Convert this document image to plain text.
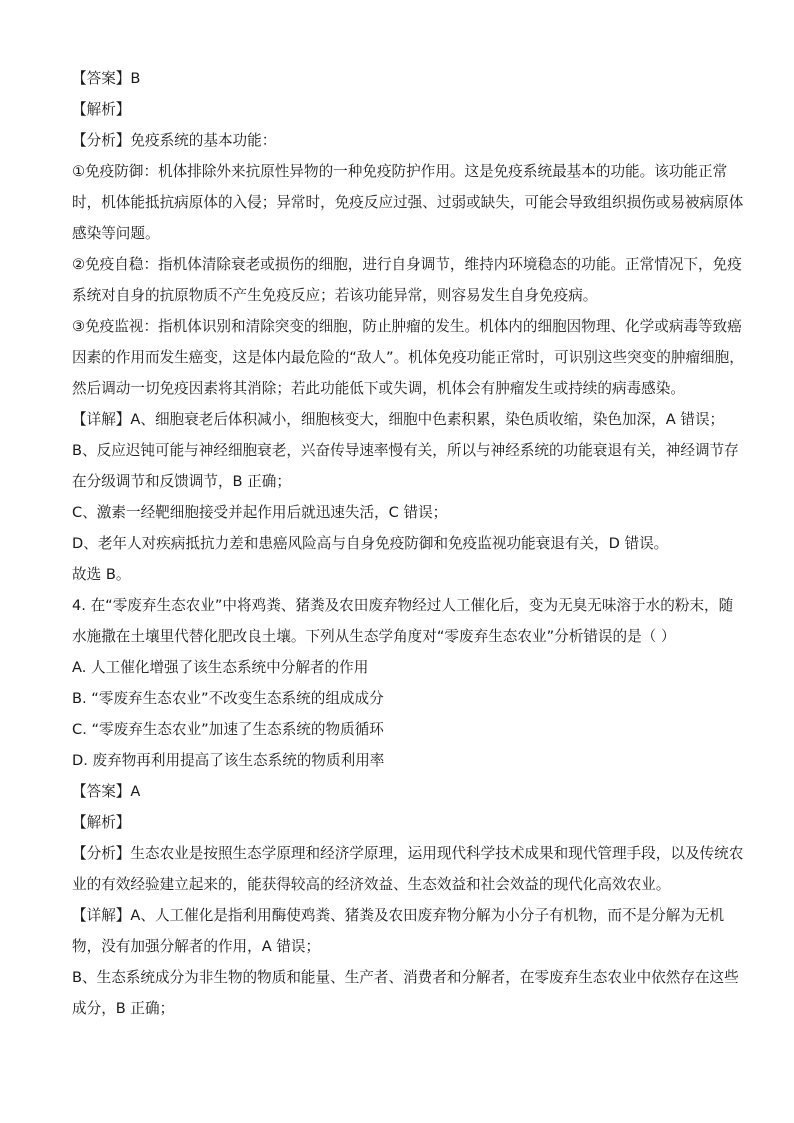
【答案】B

【解析】

【分析】免疫系统的基本功能：

①免疫防御：机体排除外来抗原性异物的一种免疫防护作用。这是免疫系统最基本的功能。该功能正常

时，机体能抵抗病原体的入侵；异常时，免疫反应过强、过弱或缺失，可能会导致组织损伤或易被病原体

感染等问题。

②免疫自稳：指机体清除衰老或损伤的细胞，进行自身调节，维持内环境稳态的功能。正常情况下，免疫

系统对自身的抗原物质不产生免疫反应；若该功能异常，则容易发生自身免疫病。

③免疫监视：指机体识别和清除突变的细胞，防止肿瘤的发生。机体内的细胞因物理、化学或病毒等致癌

因素的作用而发生癌变，这是体内最危险的“敌人”。机体免疫功能正常时，可识别这些突变的肿瘤细胞，

然后调动一切免疫因素将其消除；若此功能低下或失调，机体会有肿瘤发生或持续的病毒感染。

【详解】A、细胞衰老后体积减小，细胞核变大，细胞中色素积累，染色质收缩，染色加深，A 错误；

B、反应迟钝可能与神经细胞衰老，兴奋传导速率慢有关，所以与神经系统的功能衰退有关，神经调节存

在分级调节和反馈调节，B 正确；

C、激素一经靶细胞接受并起作用后就迅速失活，C 错误；

D、老年人对疾病抵抗力差和患癌风险高与自身免疫防御和免疫监视功能衰退有关，D 错误。

故选 B。

4. 在“零废弃生态农业”中将鸡粪、猪粪及农田废弃物经过人工催化后，变为无臭无味溶于水的粉末，随

水施撒在土壤里代替化肥改良土壤。下列从生态学角度对“零废弃生态农业”分析错误的是（ ）

A. 人工催化增强了该生态系统中分解者的作用

B. “零废弃生态农业”不改变生态系统的组成成分

C. “零废弃生态农业”加速了生态系统的物质循环

D. 废弃物再利用提高了该生态系统的物质利用率

【答案】A

【解析】

【分析】生态农业是按照生态学原理和经济学原理，运用现代科学技术成果和现代管理手段，以及传统农

业的有效经验建立起来的，能获得较高的经济效益、生态效益和社会效益的现代化高效农业。

【详解】A、人工催化是指利用酶使鸡粪、猪粪及农田废弃物分解为小分子有机物，而不是分解为无机

物，没有加强分解者的作用，A 错误；

B、生态系统成分为非生物的物质和能量、生产者、消费者和分解者，在零废弃生态农业中依然存在这些

成分，B 正确；
